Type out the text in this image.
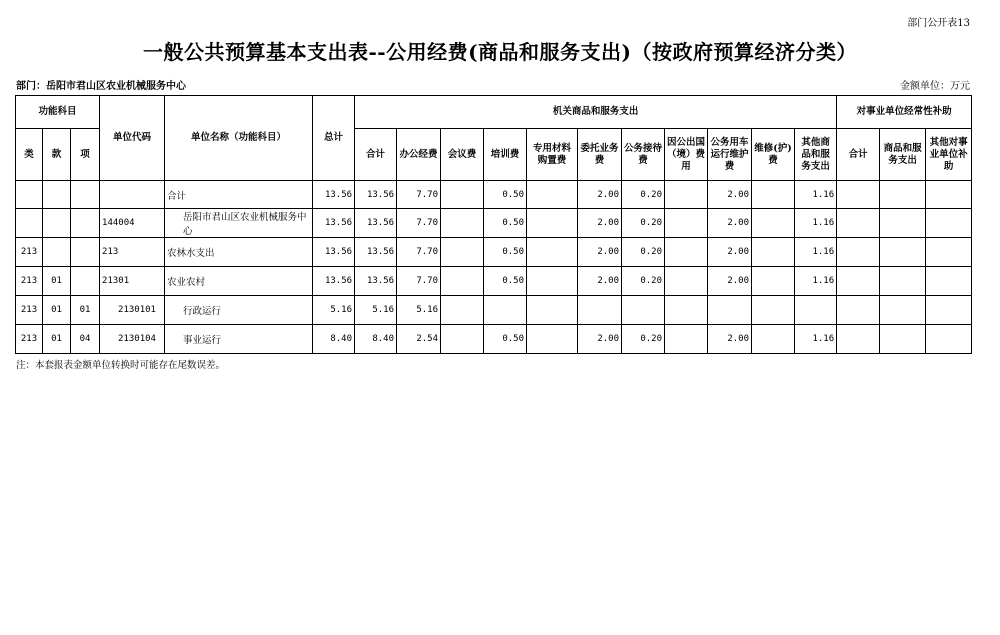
部门公开表13
一般公共预算基本支出表--公用经费(商品和服务支出)（按政府预算经济分类）
部门：岳阳市君山区农业机械服务中心	金额单位：万元
功能科目			单位代码	单位名称（功能科目）	总计	机关商品和服务支出											对事业单位经常性补助		
类	款	项				合计	办公经费	会议费	培训费	专用材料购置费	委托业务费	公务接待费	因公出国（境）费用	公务用车运行维护费	维修(护)费	其他商品和服务支出	合计	商品和服务支出	其他对事业单位补助
				合计	13.56	13.56	7.70		0.50		2.00	0.20		2.00		1.16			
			144004	岳阳市君山区农业机械服务中心	13.56	13.56	7.70		0.50		2.00	0.20		2.00		1.16			
213			213	农林水支出	13.56	13.56	7.70		0.50		2.00	0.20		2.00		1.16			
213	01		21301	农业农村	13.56	13.56	7.70		0.50		2.00	0.20		2.00		1.16			
213	01	01	2130101	行政运行	5.16	5.16	5.16												
213	01	04	2130104	事业运行	8.40	8.40	2.54		0.50		2.00	0.20		2.00		1.16			
注：本套报表金额单位转换时可能存在尾数误差。
